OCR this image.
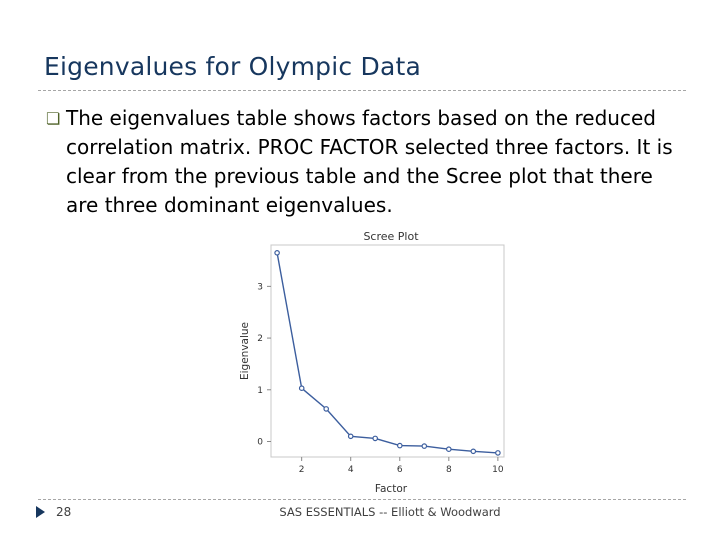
Eigenvalues for Olympic Data
❏ The eigenvalues table shows factors based on the reduced correlation matrix. PROC FACTOR selected three factors. It is clear from the previous table and the Scree plot that there are three dominant eigenvalues.
Scree Plot
Eigenvalue
Factor
0
1
2
3
2	4	6	8	10
28	SAS ESSENTIALS -- Elliott & Woodward
